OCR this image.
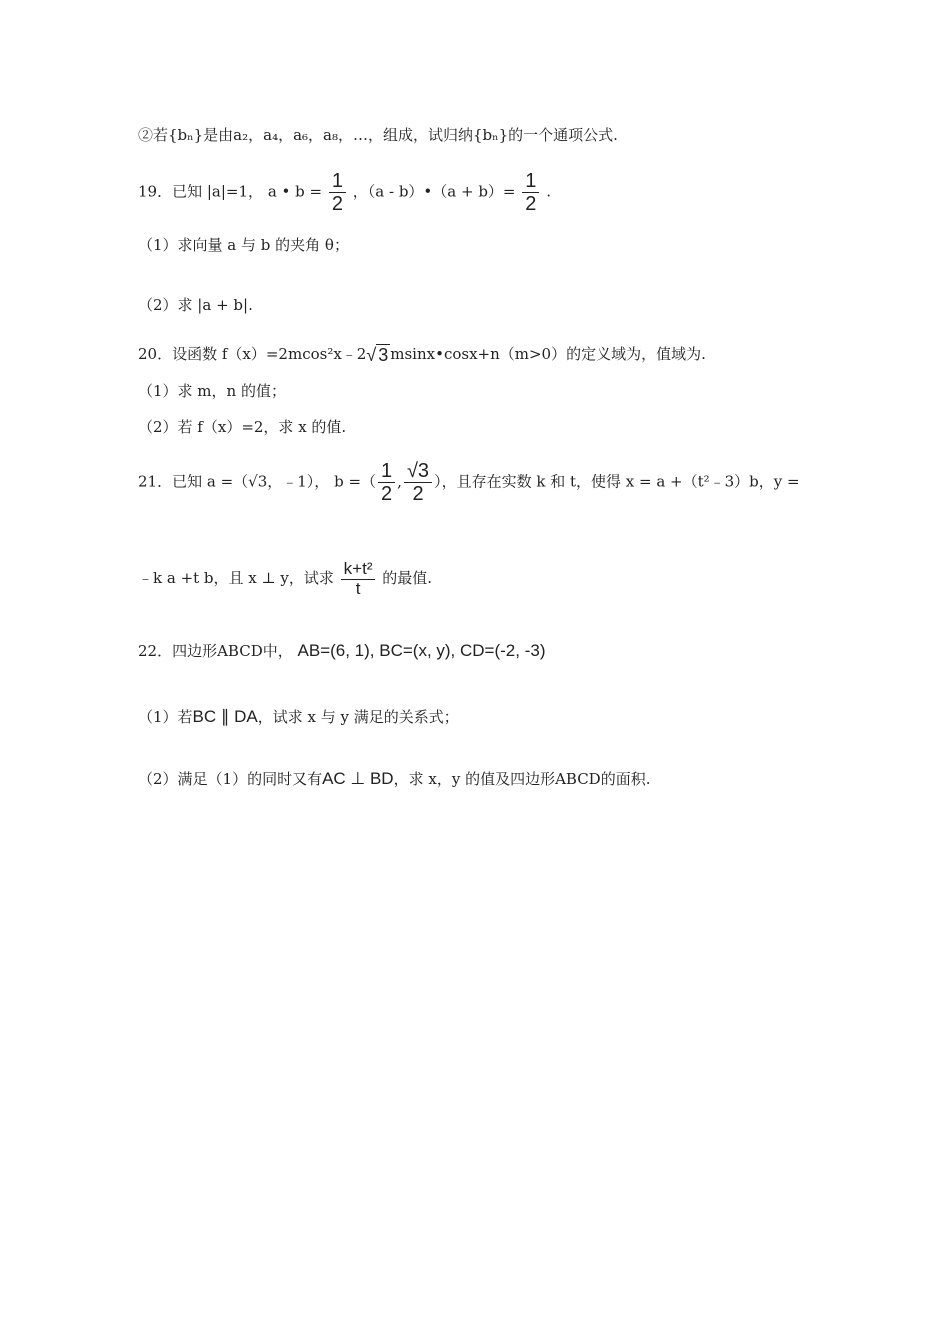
②若{bₙ}是由a₂，a₄，a₆，a₈，…，组成，试归纳{bₙ}的一个通项公式.
19．已知 |a|=1， a • $b = \frac{1}{2}$ ，（a - b）•（a + $b)= \frac{1}{2}$ .
（1）求向量 a 与 b 的夹角 θ；
（2）求 |a + b|.
20．设函数 f（x）=2mcos²x﹣2√ 3 msinx•cosx+n（m>0）的定义域为，值域为.
（1）求 m，n 的值；
（2）若 f（x）=2，求 x 的值.
21．已知 a =（√3，﹣1）， b =（ $\frac{1}{2}$ , $\frac{√3}{2}$ ），且存在实数 k 和 t，使得 x = a +（t²﹣3）b，y =
﹣k a +t b，且 x ⊥ y，试求 $\frac{\text{k+t²}}{t}$ 的最值.
22．四边形ABCD中， AB=(6, 1), BC=(x, y), CD=(-2, -3)
（1）若BC ∥ DA，试求 x 与 y 满足的关系式；
（2）满足（1）的同时又有AC ⊥ BD，求 x，y 的值及四边形ABCD的面积.
